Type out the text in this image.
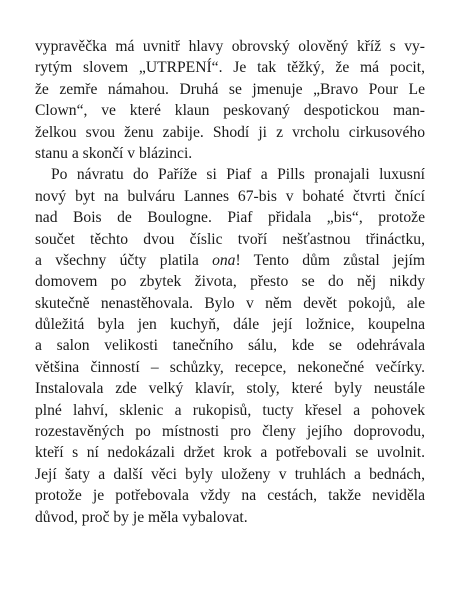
vypravěčka má uvnitř hlavy obrovský olověný kříž s vy-
rytým slovem „UTRPENÍ“. Je tak těžký, že má pocit,
že zemře námahou. Druhá se jmenuje „Bravo Pour Le
Clown“, ve které klaun peskovaný despotickou man-
želkou svou ženu zabije. Shodí ji z vrcholu cirkusového
stanu a skončí v blázinci.
Po návratu do Paříže si Piaf a Pills pronajali luxusní
nový byt na bulváru Lannes 67-bis v bohaté čtvrti čnící
nad Bois de Boulogne. Piaf přidala „bis“, protože
součet těchto dvou číslic tvoří nešťastnou třináctku,
a všechny účty platila ona! Tento dům zůstal jejím
domovem po zbytek života, přesto se do něj nikdy
skutečně nenastěhovala. Bylo v něm devět pokojů, ale
důležitá byla jen kuchyň, dále její ložnice, koupelna
a salon velikosti tanečního sálu, kde se odehrávala
většina činností – schůzky, recepce, nekonečné večírky.
Instalovala zde velký klavír, stoly, které byly neustále
plné lahví, sklenic a rukopisů, tucty křesel a pohovek
rozestavěných po místnosti pro členy jejího doprovodu,
kteří s ní nedokázali držet krok a potřebovali se uvolnit.
Její šaty a další věci byly uloženy v truhlách a bednách,
protože je potřebovala vždy na cestách, takže neviděla
důvod, proč by je měla vybalovat.
